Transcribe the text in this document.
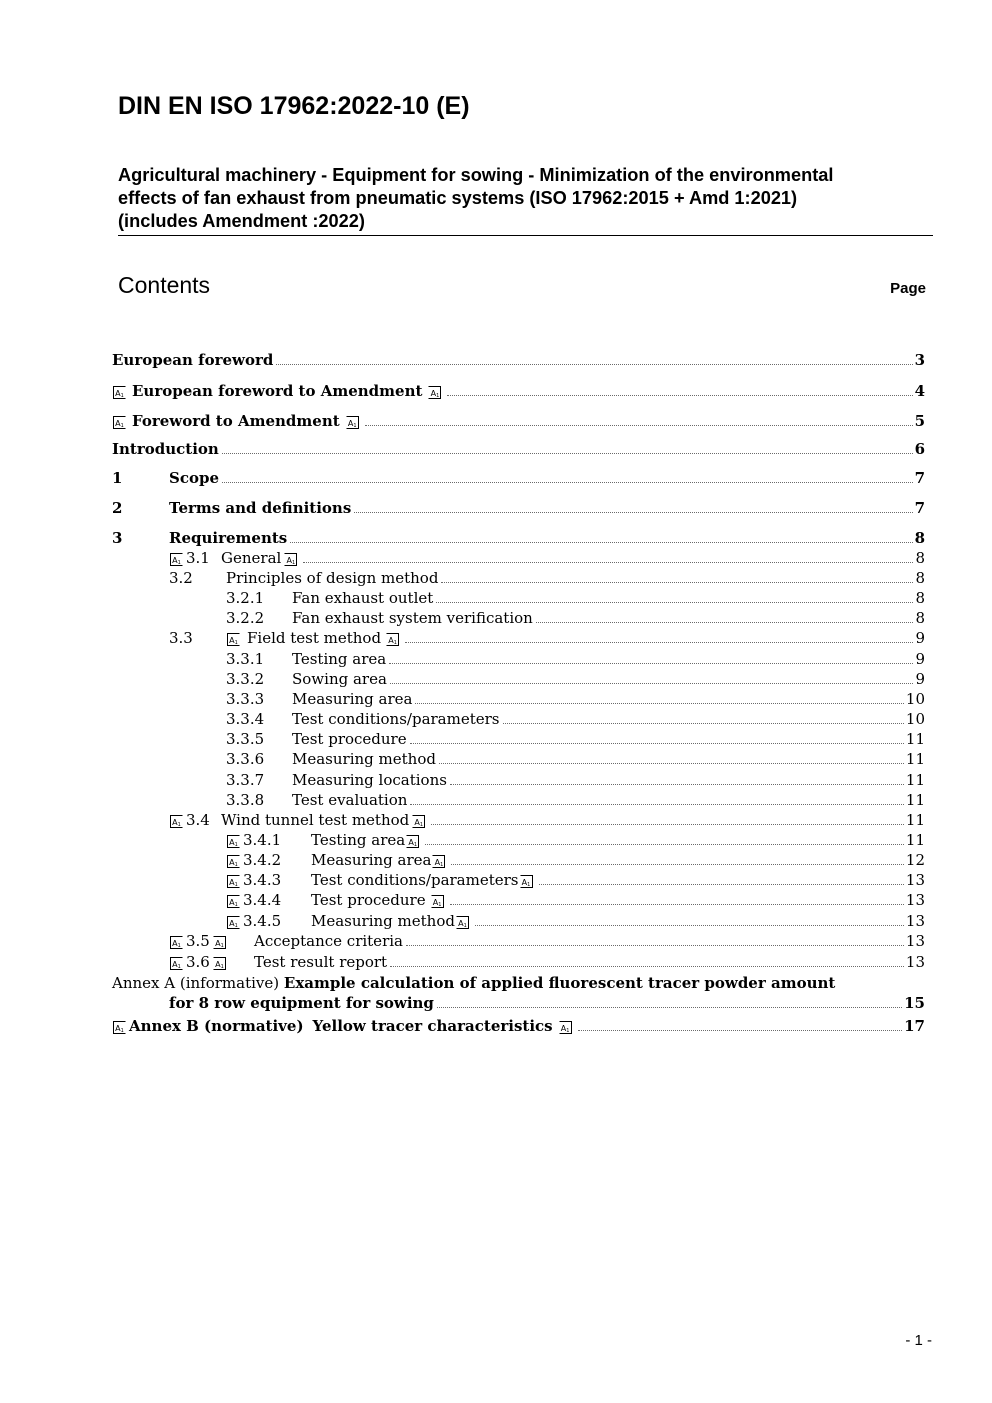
DIN EN ISO 17962:2022-10 (E)
Agricultural machinery - Equipment for sowing - Minimization of the environmental
effects of fan exhaust from pneumatic systems (ISO 17962:2015 + Amd 1:2021)
(includes Amendment :2022)
Contents	Page
European foreword	3
$A_1$ European foreword to Amendment $A_1$	4
$A_1$ Foreword to Amendment $A_1$	5
Introduction	6
1	Scope	7
2	Terms and definitions	7
3	Requirements	8
$A_1$ 3.1 General $A_1$	8
3.2	Principles of design method	8
3.2.1	Fan exhaust outlet	8
3.2.2	Fan exhaust system verification	8
3.3	$A_1$ Field test method $A_1$	9
3.3.1	Testing area	9
3.3.2	Sowing area	9
3.3.3	Measuring area	10
3.3.4	Test conditions/parameters	10
3.3.5	Test procedure	11
3.3.6	Measuring method	11
3.3.7	Measuring locations	11
3.3.8	Test evaluation	11
$A_1$ 3.4 Wind tunnel test method $A_1$	11
$A_1$ 3.4.1	Testing area $A_1$	11
$A_1$ 3.4.2	Measuring area $A_1$	12
$A_1$ 3.4.3	Test conditions/parameters $A_1$	13
$A_1$ 3.4.4	Test procedure $A_1$	13
$A_1$ 3.4.5	Measuring method $A_1$	13
$A_1$ 3.5 $A_1$ Acceptance criteria	13
$A_1$ 3.6 $A_1$ Test result report	13
Annex A (informative) Example calculation of applied fluorescent tracer powder amount
for 8 row equipment for sowing	15
$A_1$ Annex B (normative) Yellow tracer characteristics $A_1$	17
- 1 -
